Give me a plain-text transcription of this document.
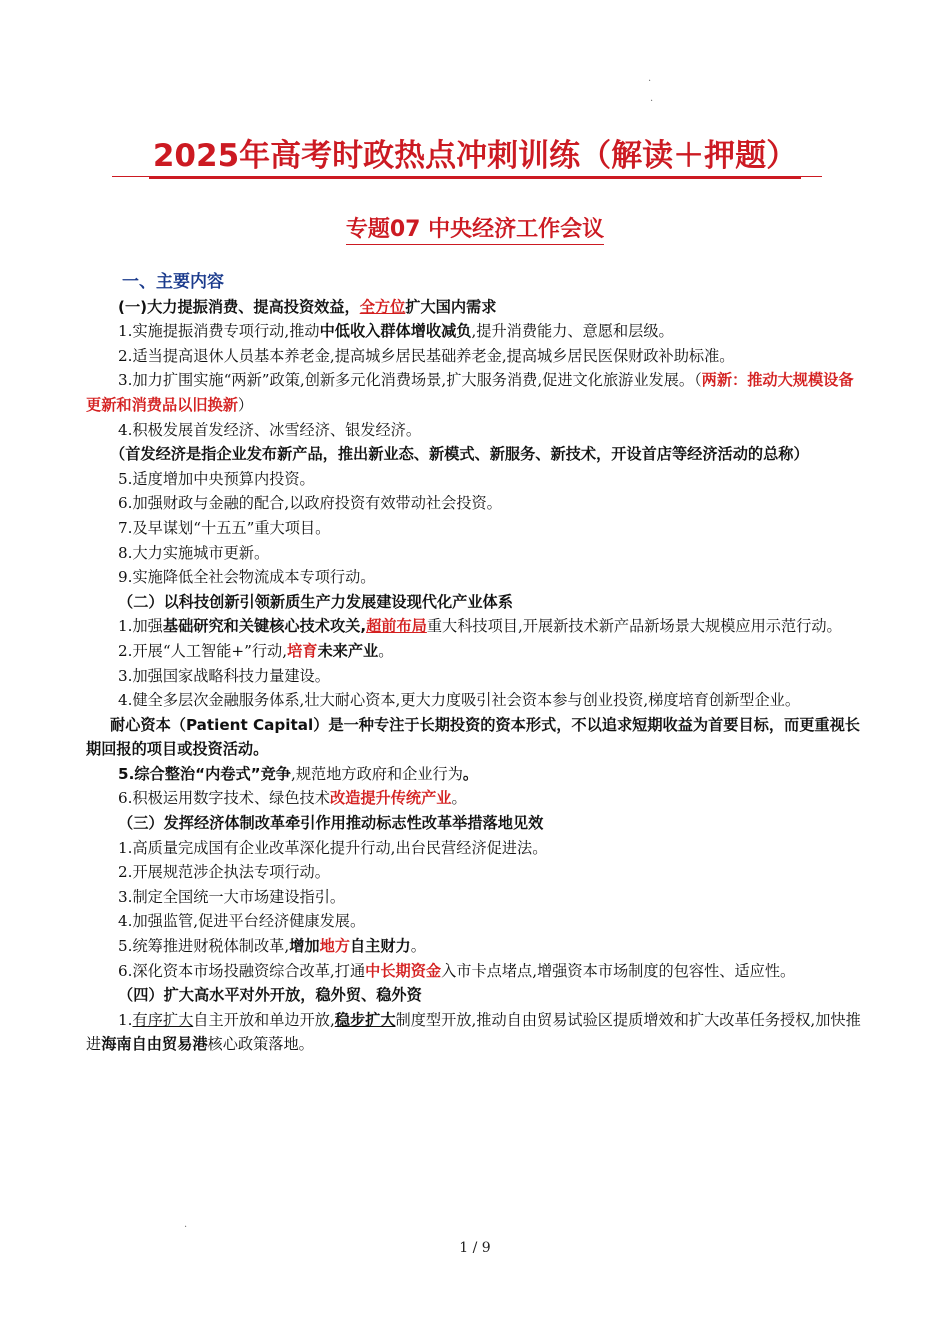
·
·
2025年高考时政热点冲刺训练（解读＋押题）
专题07 中央经济工作会议

一、主要内容

(一)大力提振消费、提高投资效益，全方位扩大国内需求

1.实施提振消费专项行动,推动中低收入群体增收减负,提升消费能力、意愿和层级。

2.适当提高退休人员基本养老金,提高城乡居民基础养老金,提高城乡居民医保财政补助标准。

3.加力扩围实施“两新”政策,创新多元化消费场景,扩大服务消费,促进文化旅游业发展。（两新：推动大规模设备更新和消费品以旧换新）

4.积极发展首发经济、冰雪经济、银发经济。

（首发经济是指企业发布新产品，推出新业态、新模式、新服务、新技术，开设首店等经济活动的总称）

5.适度增加中央预算内投资。

6.加强财政与金融的配合,以政府投资有效带动社会投资。

7.及早谋划“十五五”重大项目。

8.大力实施城市更新。

9.实施降低全社会物流成本专项行动。

（二）以科技创新引领新质生产力发展建设现代化产业体系

1.加强基础研究和关键核心技术攻关,超前布局重大科技项目,开展新技术新产品新场景大规模应用示范行动。

2.开展“人工智能+”行动,培育未来产业。

3.加强国家战略科技力量建设。

4.健全多层次金融服务体系,壮大耐心资本,更大力度吸引社会资本参与创业投资,梯度培育创新型企业。

耐心资本（Patient Capital）是一种专注于长期投资的资本形式，不以追求短期收益为首要目标，而更重视长期回报的项目或投资活动。

5.综合整治“内卷式”竞争,规范地方政府和企业行为。

6.积极运用数字技术、绿色技术改造提升传统产业。

（三）发挥经济体制改革牵引作用推动标志性改革举措落地见效

1.高质量完成国有企业改革深化提升行动,出台民营经济促进法。

2.开展规范涉企执法专项行动。

3.制定全国统一大市场建设指引。

4.加强监管,促进平台经济健康发展。

5.统筹推进财税体制改革,增加地方自主财力。

6.深化资本市场投融资综合改革,打通中长期资金入市卡点堵点,增强资本市场制度的包容性、适应性。

（四）扩大高水平对外开放，稳外贸、稳外资

1.有序扩大自主开放和单边开放,稳步扩大制度型开放,推动自由贸易试验区提质增效和扩大改革任务授权,加快推进海南自由贸易港核心政策落地。

·
1 / 9
